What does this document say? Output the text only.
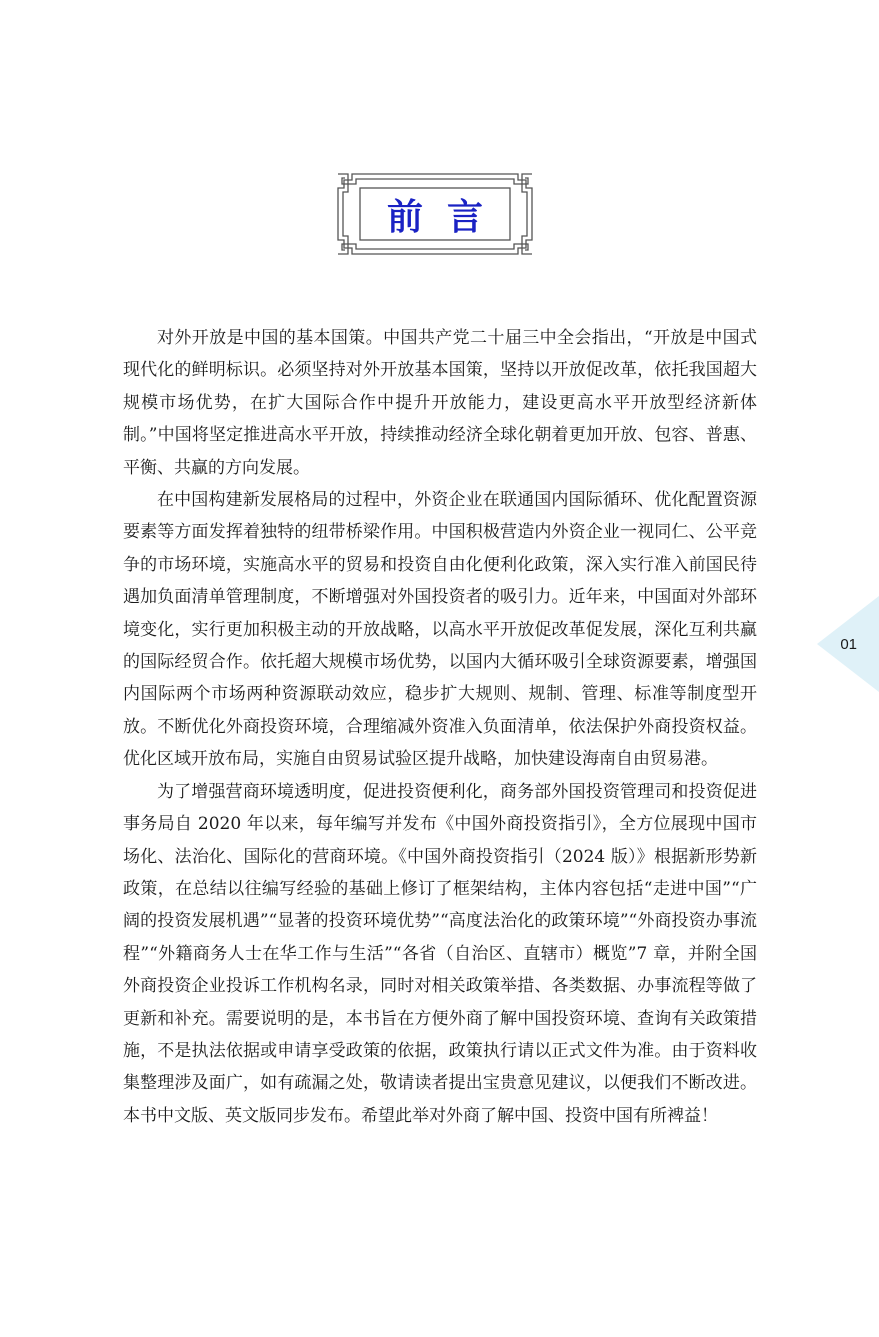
前言

对外开放是中国的基本国策。中国共产党二十届三中全会指出，“开放是中国式现代化的鲜明标识。必须坚持对外开放基本国策，坚持以开放促改革，依托我国超大规模市场优势，在扩大国际合作中提升开放能力，建设更高水平开放型经济新体制。”中国将坚定推进高水平开放，持续推动经济全球化朝着更加开放、包容、普惠、平衡、共赢的方向发展。

在中国构建新发展格局的过程中，外资企业在联通国内国际循环、优化配置资源要素等方面发挥着独特的纽带桥梁作用。中国积极营造内外资企业一视同仁、公平竞争的市场环境，实施高水平的贸易和投资自由化便利化政策，深入实行准入前国民待遇加负面清单管理制度，不断增强对外国投资者的吸引力。近年来，中国面对外部环境变化，实行更加积极主动的开放战略，以高水平开放促改革促发展，深化互利共赢的国际经贸合作。依托超大规模市场优势，以国内大循环吸引全球资源要素，增强国内国际两个市场两种资源联动效应，稳步扩大规则、规制、管理、标准等制度型开放。不断优化外商投资环境，合理缩减外资准入负面清单，依法保护外商投资权益。优化区域开放布局，实施自由贸易试验区提升战略，加快建设海南自由贸易港。

为了增强营商环境透明度，促进投资便利化，商务部外国投资管理司和投资促进事务局自 2020 年以来，每年编写并发布《中国外商投资指引》，全方位展现中国市场化、法治化、国际化的营商环境。《中国外商投资指引（2024 版）》根据新形势新政策，在总结以往编写经验的基础上修订了框架结构，主体内容包括“走进中国”“广阔的投资发展机遇”“显著的投资环境优势”“高度法治化的政策环境”“外商投资办事流程”“外籍商务人士在华工作与生活”“各省（自治区、直辖市）概览”7 章，并附全国外商投资企业投诉工作机构名录，同时对相关政策举措、各类数据、办事流程等做了更新和补充。需要说明的是，本书旨在方便外商了解中国投资环境、查询有关政策措施，不是执法依据或申请享受政策的依据，政策执行请以正式文件为准。由于资料收集整理涉及面广，如有疏漏之处，敬请读者提出宝贵意见建议，以便我们不断改进。本书中文版、英文版同步发布。希望此举对外商了解中国、投资中国有所裨益！

01
